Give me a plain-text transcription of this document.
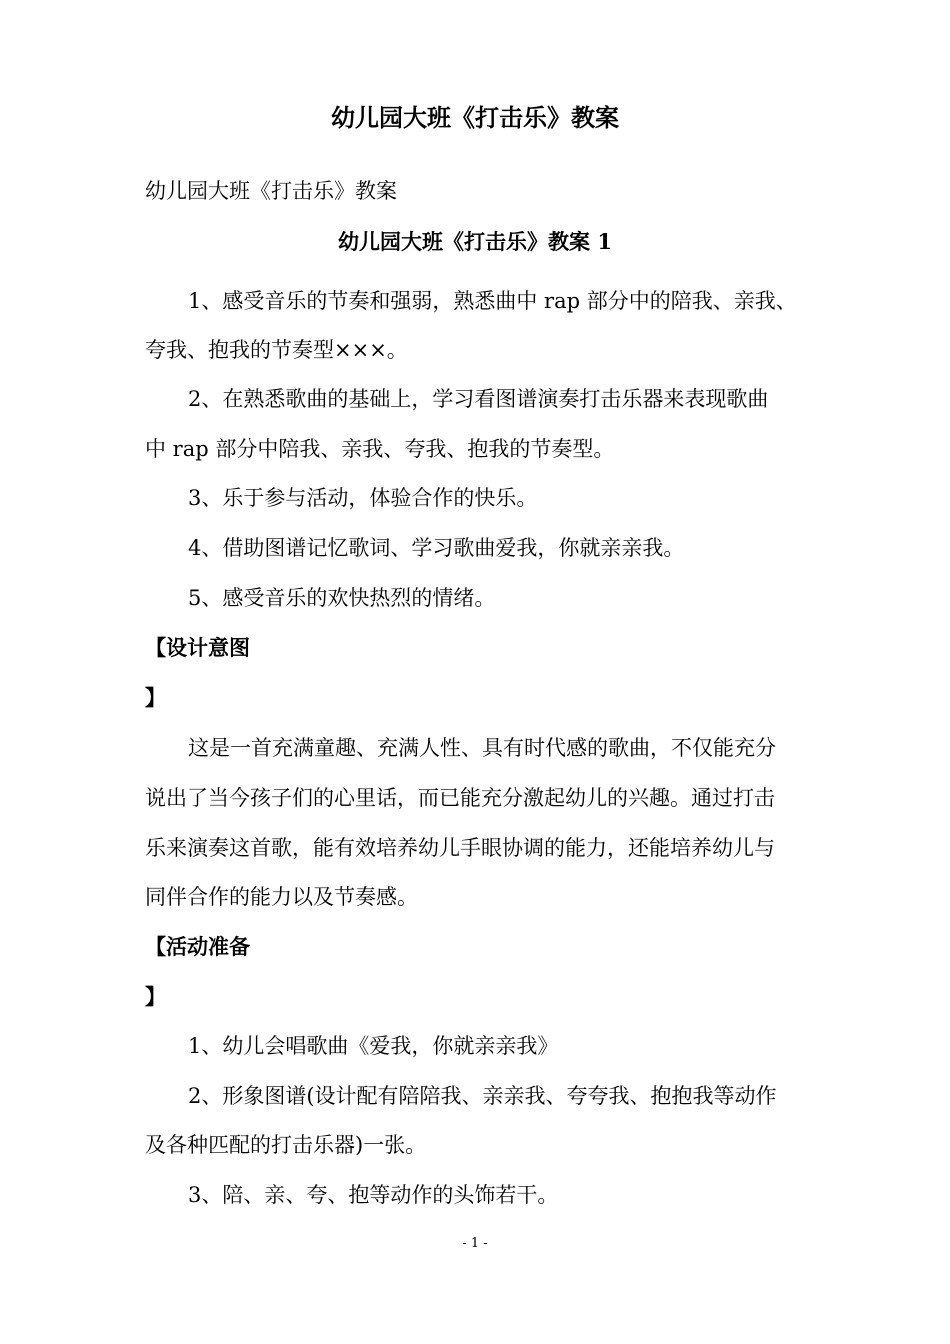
幼儿园大班《打击乐》教案
幼儿园大班《打击乐》教案
幼儿园大班《打击乐》教案 1
1、感受音乐的节奏和强弱，熟悉曲中 rap 部分中的陪我、亲我、
夸我、抱我的节奏型×××。
2、在熟悉歌曲的基础上，学习看图谱演奏打击乐器来表现歌曲
中 rap 部分中陪我、亲我、夸我、抱我的节奏型。
3、乐于参与活动，体验合作的快乐。
4、借助图谱记忆歌词、学习歌曲爱我，你就亲亲我。
5、感受音乐的欢快热烈的情绪。
【设计意图
】
这是一首充满童趣、充满人性、具有时代感的歌曲，不仅能充分
说出了当今孩子们的心里话，而已能充分激起幼儿的兴趣。通过打击
乐来演奏这首歌，能有效培养幼儿手眼协调的能力，还能培养幼儿与
同伴合作的能力以及节奏感。
【活动准备
】
1、幼儿会唱歌曲《爱我，你就亲亲我》
2、形象图谱(设计配有陪陪我、亲亲我、夸夸我、抱抱我等动作
及各种匹配的打击乐器)一张。
3、陪、亲、夸、抱等动作的头饰若干。
- 1 -
